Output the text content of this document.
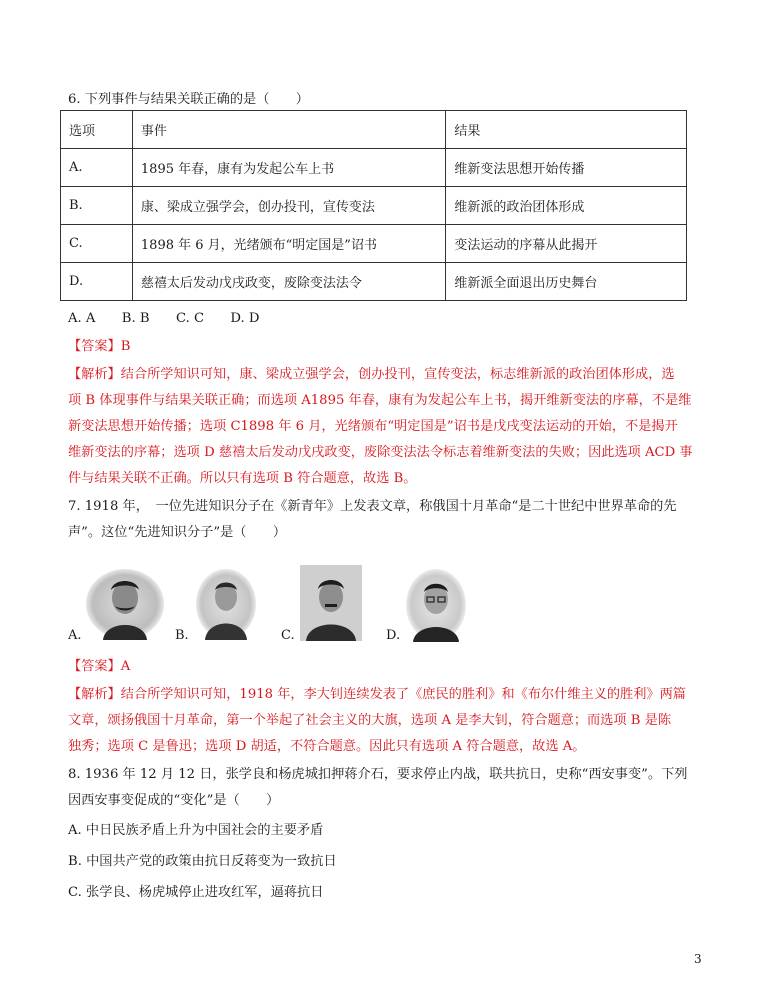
6. 下列事件与结果关联正确的是（　　）
选项	事件	结果
A.	1895 年春，康有为发起公车上书	维新变法思想开始传播
B.	康、梁成立强学会，创办投刊，宣传变法	维新派的政治团体形成
C.	1898 年 6 月，光绪颁布“明定国是”诏书	变法运动的序幕从此揭开
D.	慈禧太后发动戊戌政变，废除变法法令	维新派全面退出历史舞台
A. A　　B. B　　C. C　　D. D
【答案】B
【解析】结合所学知识可知，康、梁成立强学会，创办投刊，宣传变法，标志维新派的政治团体形成，选
项 B 体现事件与结果关联正确；而选项 A1895 年春，康有为发起公车上书，揭开维新变法的序幕，不是维
新变法思想开始传播；选项 C1898 年 6 月，光绪颁布“明定国是”诏书是戊戌变法运动的开始，不是揭开
维新变法的序幕；选项 D 慈禧太后发动戊戌政变，废除变法法令标志着维新变法的失败；因此选项 ACD 事
件与结果关联不正确。所以只有选项 B 符合题意，故选 B。
7. 1918 年，　一位先进知识分子在《新青年》上发表文章，称俄国十月革命“是二十世纪中世界革命的先
声”。这位“先进知识分子”是（　　）
A.	B.	C.	D.
【答案】A
【解析】结合所学知识可知，1918 年，李大钊连续发表了《庶民的胜利》和《布尔什维主义的胜利》两篇
文章，颂扬俄国十月革命，第一个举起了社会主义的大旗，选项 A 是李大钊，符合题意；而选项 B 是陈
独秀；选项 C 是鲁迅；选项 D 胡适，不符合题意。因此只有选项 A 符合题意，故选 A。
8. 1936 年 12 月 12 日，张学良和杨虎城扣押蒋介石，要求停止内战，联共抗日，史称“西安事变”。下列
因西安事变促成的“变化”是（　　）
A. 中日民族矛盾上升为中国社会的主要矛盾
B. 中国共产党的政策由抗日反蒋变为一致抗日
C. 张学良、杨虎城停止进攻红军，逼蒋抗日
3
